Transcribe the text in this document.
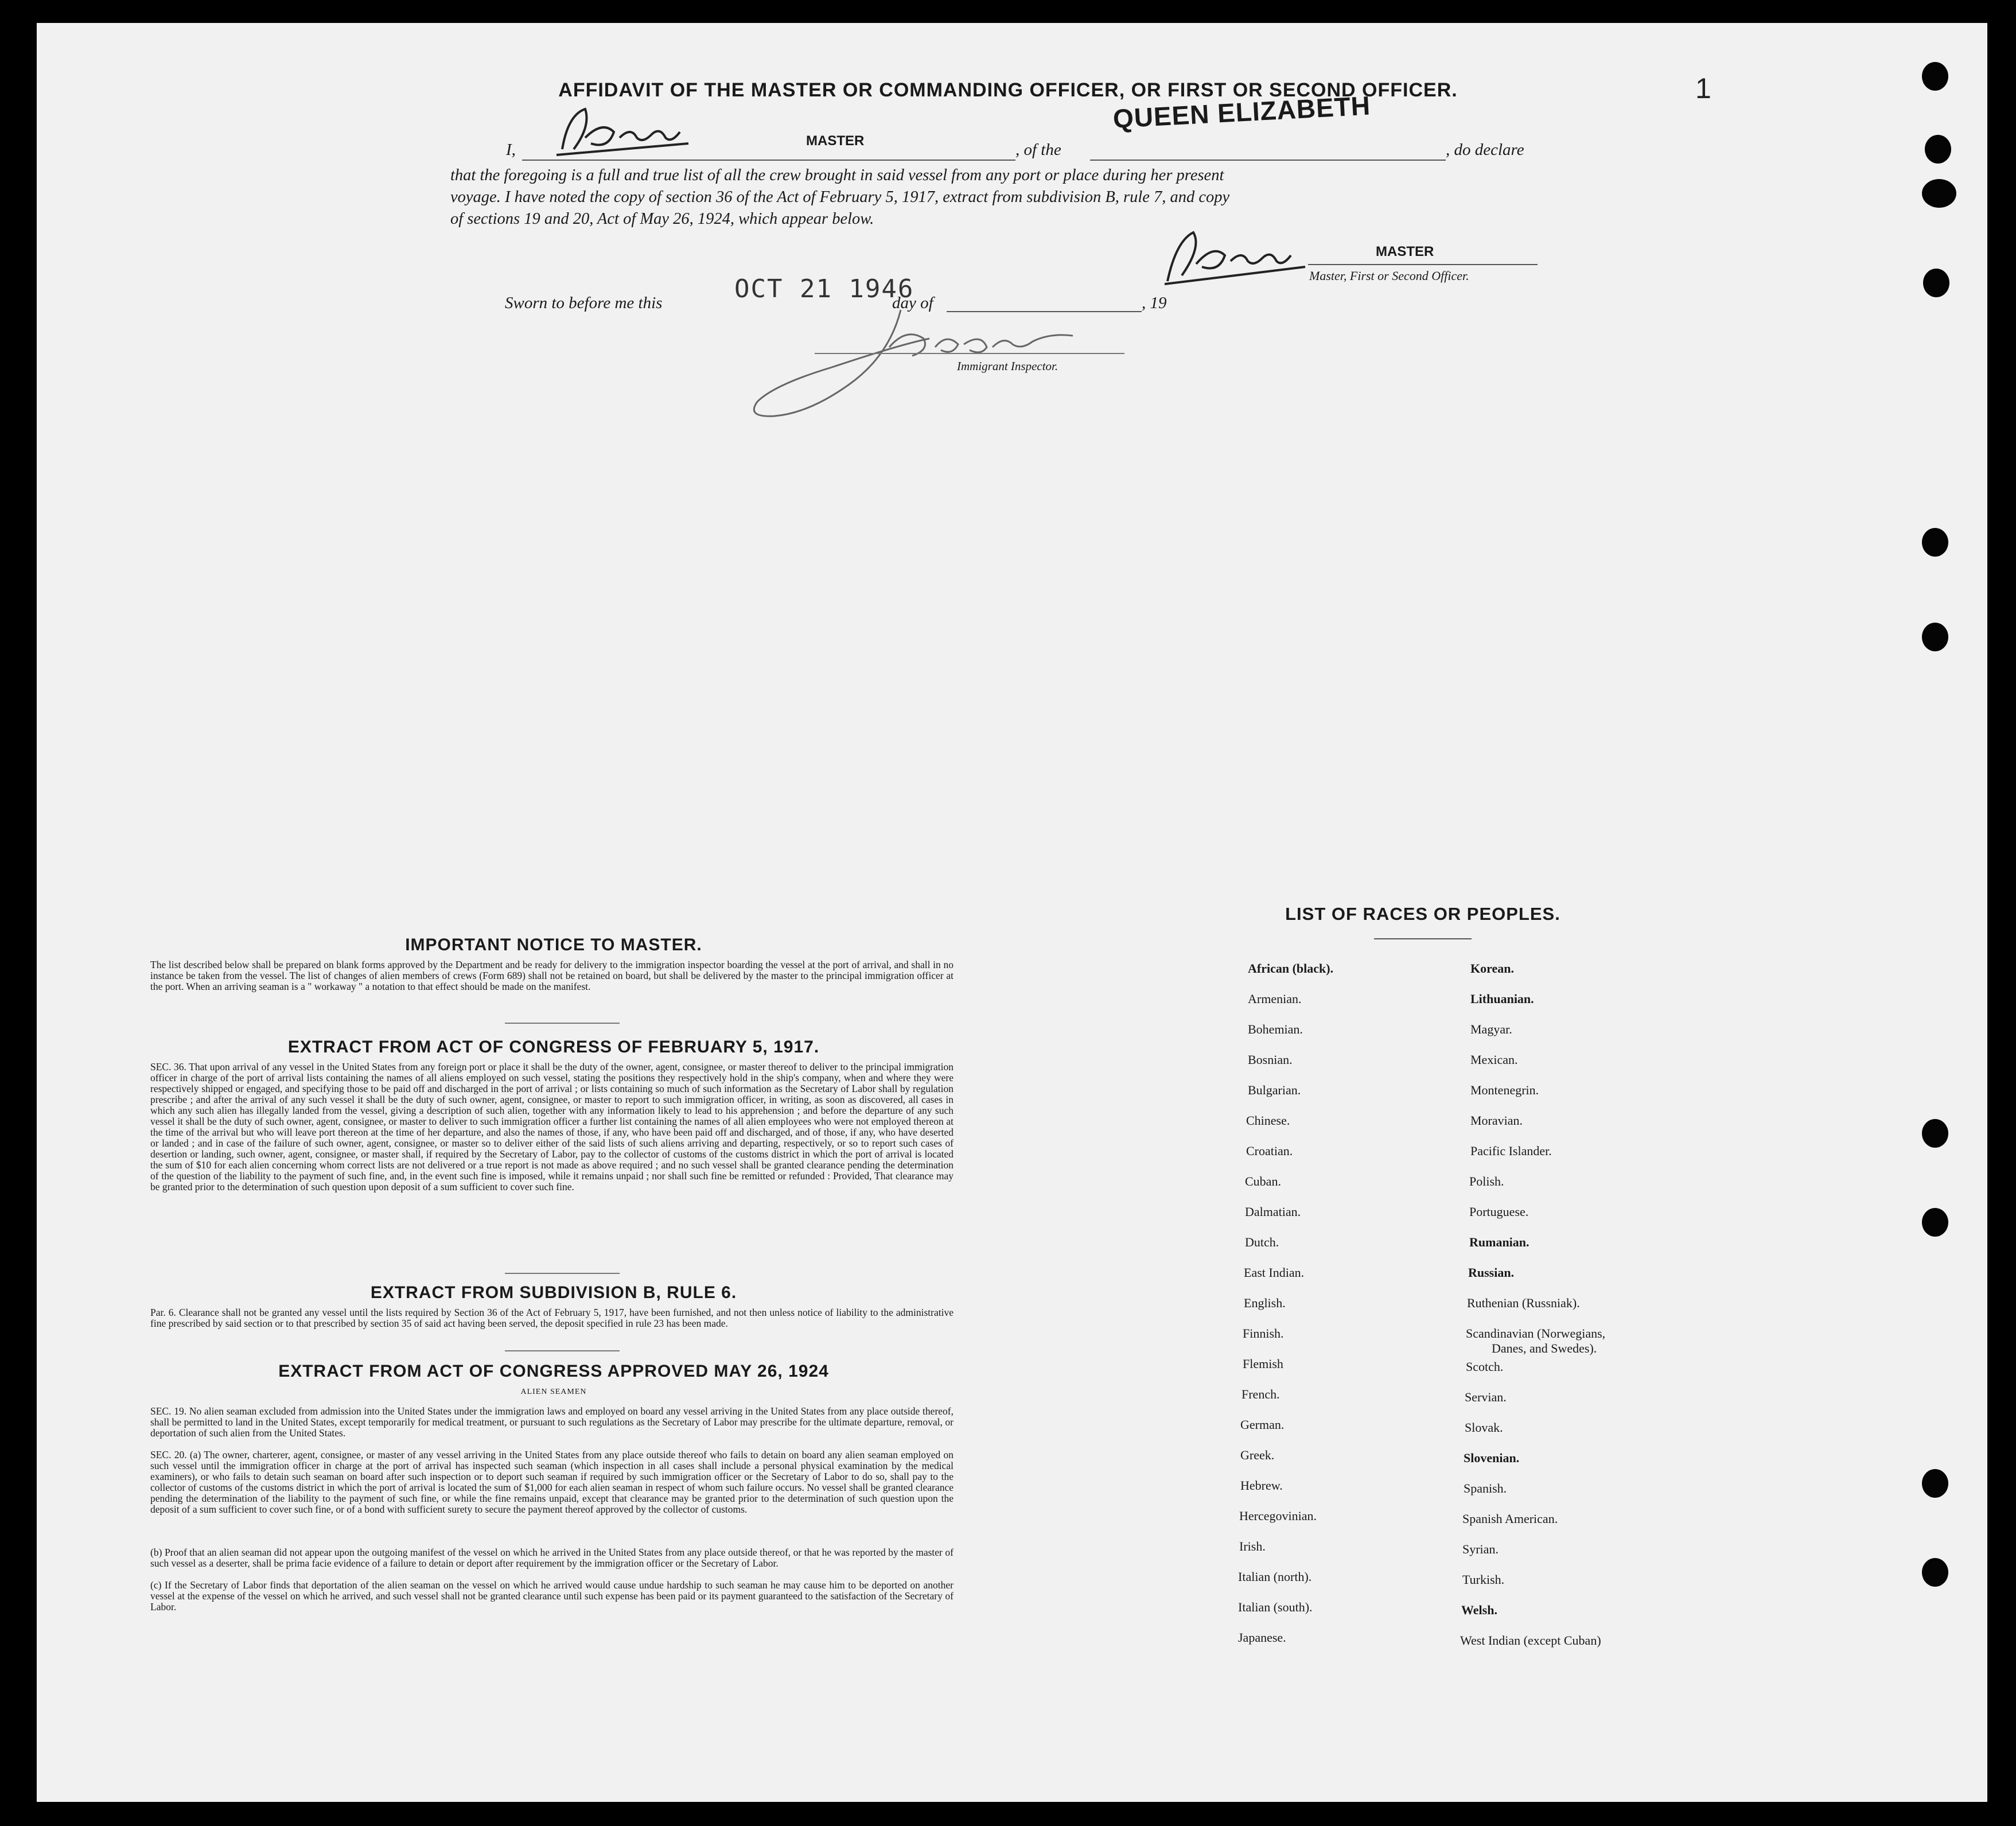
1
AFFIDAVIT OF THE MASTER OR COMMANDING OFFICER, OR FIRST OR SECOND OFFICER.
I,	MASTER	, of the
QUEEN ELIZABETH
, do declare
that the foregoing is a full and true list of all the crew brought in said vessel from any port or place during her present
voyage. I have noted the copy of section 36 of the Act of February 5, 1917, extract from subdivision B, rule 7, and copy
of sections 19 and 20, Act of May 26, 1924, which appear below.
MASTER
Master, First or Second Officer.
Sworn to before me this	OCT 21 1946
day of	, 19
Immigrant Inspector.
IMPORTANT NOTICE TO MASTER.
The list described below shall be prepared on blank forms approved by the Department and be ready for delivery to the immigration inspector boarding the vessel at the port of arrival, and shall in no instance be taken from the vessel. The list of changes of alien members of crews (Form 689) shall not be retained on board, but shall be delivered by the master to the principal immigration officer at the port. When an arriving seaman is a " workaway " a notation to that effect should be made on the manifest.
EXTRACT FROM ACT OF CONGRESS OF FEBRUARY 5, 1917.
SEC. 36. That upon arrival of any vessel in the United States from any foreign port or place it shall be the duty of the owner, agent, consignee, or master thereof to deliver to the principal immigration officer in charge of the port of arrival lists containing the names of all aliens employed on such vessel, stating the positions they respectively hold in the ship's company, when and where they were respectively shipped or engaged, and specifying those to be paid off and discharged in the port of arrival ; or lists containing so much of such information as the Secretary of Labor shall by regulation prescribe ; and after the arrival of any such vessel it shall be the duty of such owner, agent, consignee, or master to report to such immigration officer, in writing, as soon as discovered, all cases in which any such alien has illegally landed from the vessel, giving a description of such alien, together with any information likely to lead to his apprehension ; and before the departure of any such vessel it shall be the duty of such owner, agent, consignee, or master to deliver to such immigration officer a further list containing the names of all alien employees who were not employed thereon at the time of the arrival but who will leave port thereon at the time of her departure, and also the names of those, if any, who have been paid off and discharged, and of those, if any, who have deserted or landed ; and in case of the failure of such owner, agent, consignee, or master so to deliver either of the said lists of such aliens arriving and departing, respectively, or so to report such cases of desertion or landing, such owner, agent, consignee, or master shall, if required by the Secretary of Labor, pay to the collector of customs of the customs district in which the port of arrival is located the sum of $10 for each alien concerning whom correct lists are not delivered or a true report is not made as above required ; and no such vessel shall be granted clearance pending the determination of the question of the liability to the payment of such fine, and, in the event such fine is imposed, while it remains unpaid ; nor shall such fine be remitted or refunded : Provided, That clearance may be granted prior to the determination of such question upon deposit of a sum sufficient to cover such fine.
EXTRACT FROM SUBDIVISION B, RULE 6.
Par. 6. Clearance shall not be granted any vessel until the lists required by Section 36 of the Act of February 5, 1917, have been furnished, and not then unless notice of liability to the administrative fine prescribed by said section or to that prescribed by section 35 of said act having been served, the deposit specified in rule 23 has been made.
EXTRACT FROM ACT OF CONGRESS APPROVED MAY 26, 1924
ALIEN SEAMEN
SEC. 19. No alien seaman excluded from admission into the United States under the immigration laws and employed on board any vessel arriving in the United States from any place outside thereof, shall be permitted to land in the United States, except temporarily for medical treatment, or pursuant to such regulations as the Secretary of Labor may prescribe for the ultimate departure, removal, or deportation of such alien from the United States.
SEC. 20. (a) The owner, charterer, agent, consignee, or master of any vessel arriving in the United States from any place outside thereof who fails to detain on board any alien seaman employed on such vessel until the immigration officer in charge at the port of arrival has inspected such seaman (which inspection in all cases shall include a personal physical examination by the medical examiners), or who fails to detain such seaman on board after such inspection or to deport such seaman if required by such immigration officer or the Secretary of Labor to do so, shall pay to the collector of customs of the customs district in which the port of arrival is located the sum of $1,000 for each alien seaman in respect of whom such failure occurs. No vessel shall be granted clearance pending the determination of the liability to the payment of such fine, or while the fine remains unpaid, except that clearance may be granted prior to the determination of such question upon the deposit of a sum sufficient to cover such fine, or of a bond with sufficient surety to secure the payment thereof approved by the collector of customs.
(b) Proof that an alien seaman did not appear upon the outgoing manifest of the vessel on which he arrived in the United States from any place outside thereof, or that he was reported by the master of such vessel as a deserter, shall be prima facie evidence of a failure to detain or deport after requirement by the immigration officer or the Secretary of Labor.
(c) If the Secretary of Labor finds that deportation of the alien seaman on the vessel on which he arrived would cause undue hardship to such seaman he may cause him to be deported on another vessel at the expense of the vessel on which he arrived, and such vessel shall not be granted clearance until such expense has been paid or its payment guaranteed to the satisfaction of the Secretary of Labor.
LIST OF RACES OR PEOPLES.
African (black).
Armenian.
Bohemian.
Bosnian.
Bulgarian.
Chinese.
Croatian.
Cuban.
Dalmatian.
Dutch.
East Indian.
English.
Finnish.
Flemish
French.
German.
Greek.
Hebrew.
Hercegovinian.
Irish.
Italian (north).
Italian (south).
Japanese.
Korean.
Lithuanian.
Magyar.
Mexican.
Montenegrin.
Moravian.
Pacific Islander.
Polish.
Portuguese.
Rumanian.
Russian.
Ruthenian (Russniak).
Scandinavian (Norwegians,
Danes, and Swedes).
Scotch.
Servian.
Slovak.
Slovenian.
Spanish.
Spanish American.
Syrian.
Turkish.
Welsh.
West Indian (except Cuban)
